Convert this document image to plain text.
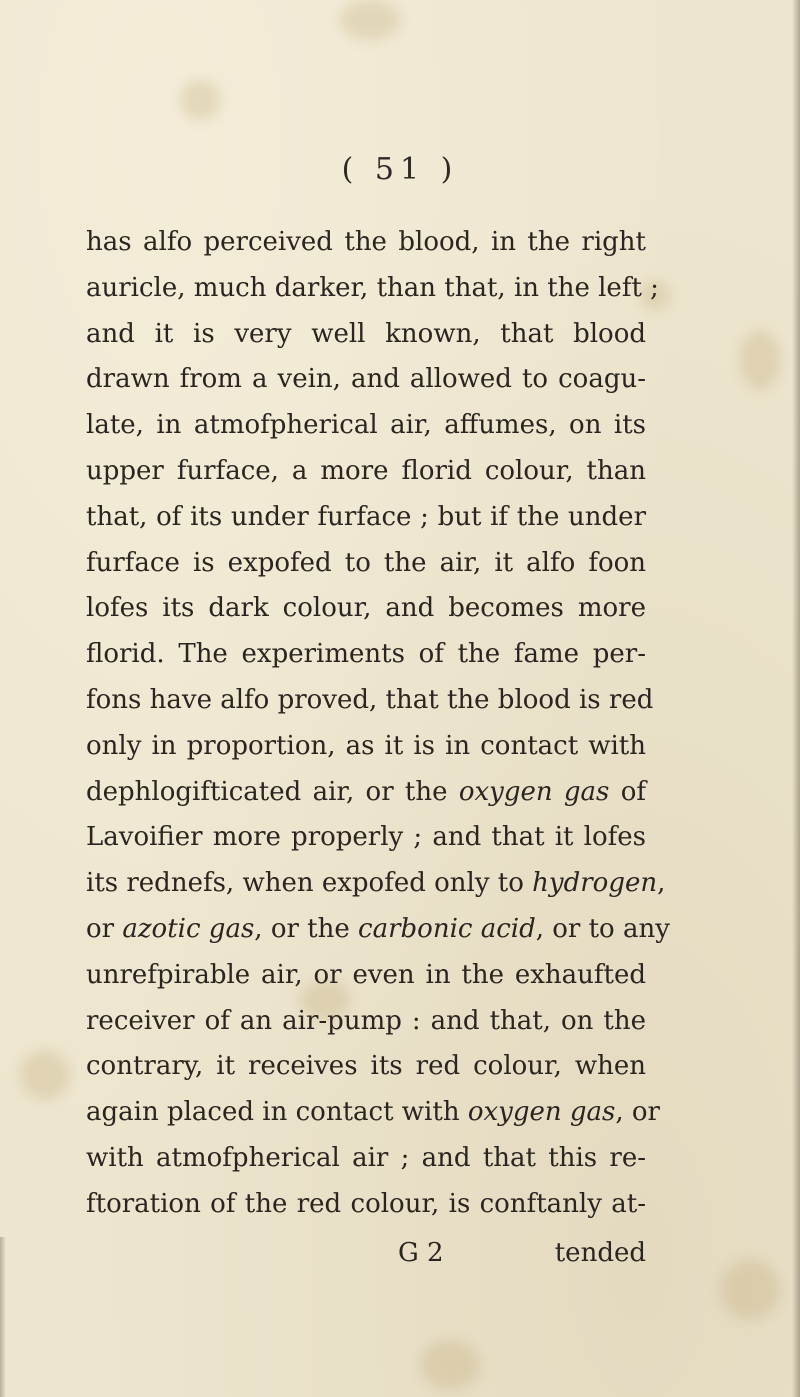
( 51 )
has alfo perceived the blood, in the right
auricle, much darker, than that, in the left ;
and it is very well known, that blood
drawn from a vein, and allowed to coagu-
late, in atmofpherical air, affumes, on its
upper furface, a more florid colour, than
that, of its under furface ; but if the under
furface is expofed to the air, it alfo foon
lofes its dark colour, and becomes more
florid. The experiments of the fame per-
fons have alfo proved, that the blood is red
only in proportion, as it is in contact with
dephlogifticated air, or the oxygen gas of
Lavoifier more properly ; and that it lofes
its rednefs, when expofed only to hydrogen,
or azotic gas, or the carbonic acid, or to any
unrefpirable air, or even in the exhaufted
receiver of an air-pump : and that, on the
contrary, it receives its red colour, when
again placed in contact with oxygen gas, or
with atmofpherical air ; and that this re-
ftoration of the red colour, is conftanly at-
G 2	tended
